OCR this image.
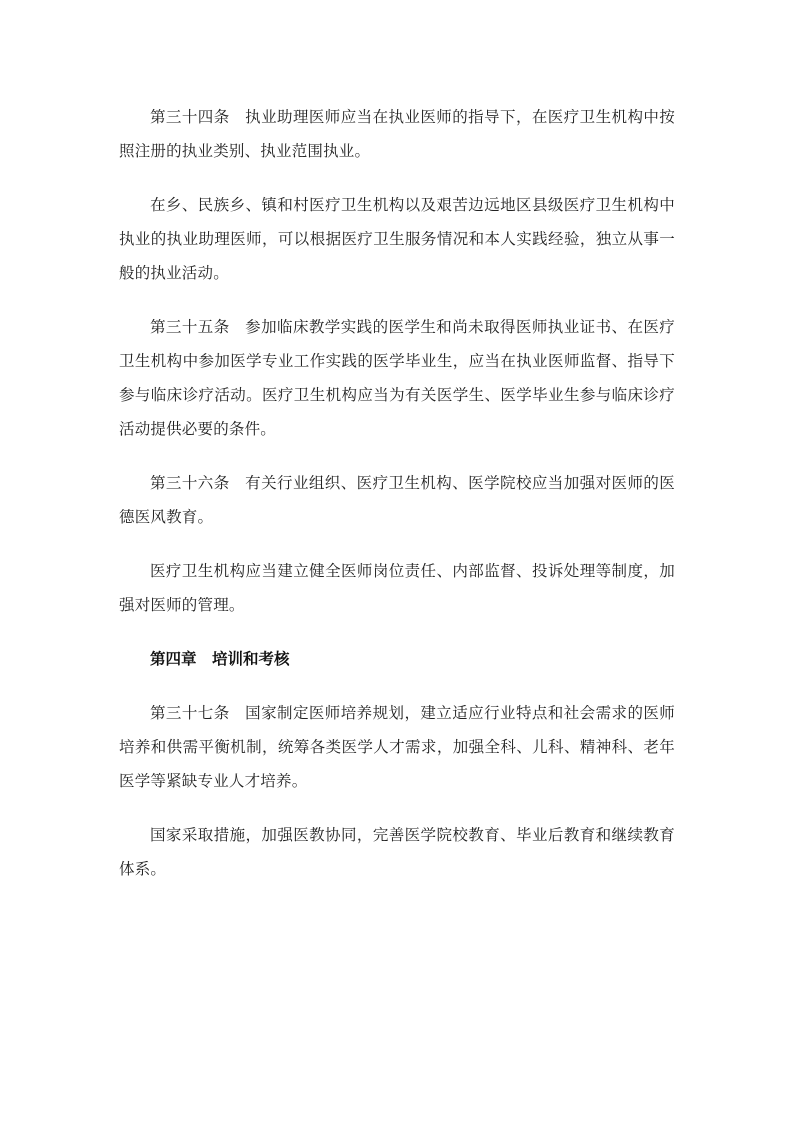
第三十四条 执业助理医师应当在执业医师的指导下，在医疗卫生机构中按照注册的执业类别、执业范围执业。

在乡、民族乡、镇和村医疗卫生机构以及艰苦边远地区县级医疗卫生机构中执业的执业助理医师，可以根据医疗卫生服务情况和本人实践经验，独立从事一般的执业活动。

第三十五条 参加临床教学实践的医学生和尚未取得医师执业证书、在医疗卫生机构中参加医学专业工作实践的医学毕业生，应当在执业医师监督、指导下参与临床诊疗活动。医疗卫生机构应当为有关医学生、医学毕业生参与临床诊疗活动提供必要的条件。

第三十六条 有关行业组织、医疗卫生机构、医学院校应当加强对医师的医德医风教育。

医疗卫生机构应当建立健全医师岗位责任、内部监督、投诉处理等制度，加强对医师的管理。

第四章 培训和考核

第三十七条 国家制定医师培养规划，建立适应行业特点和社会需求的医师培养和供需平衡机制，统筹各类医学人才需求，加强全科、儿科、精神科、老年医学等紧缺专业人才培养。

国家采取措施，加强医教协同，完善医学院校教育、毕业后教育和继续教育体系。
